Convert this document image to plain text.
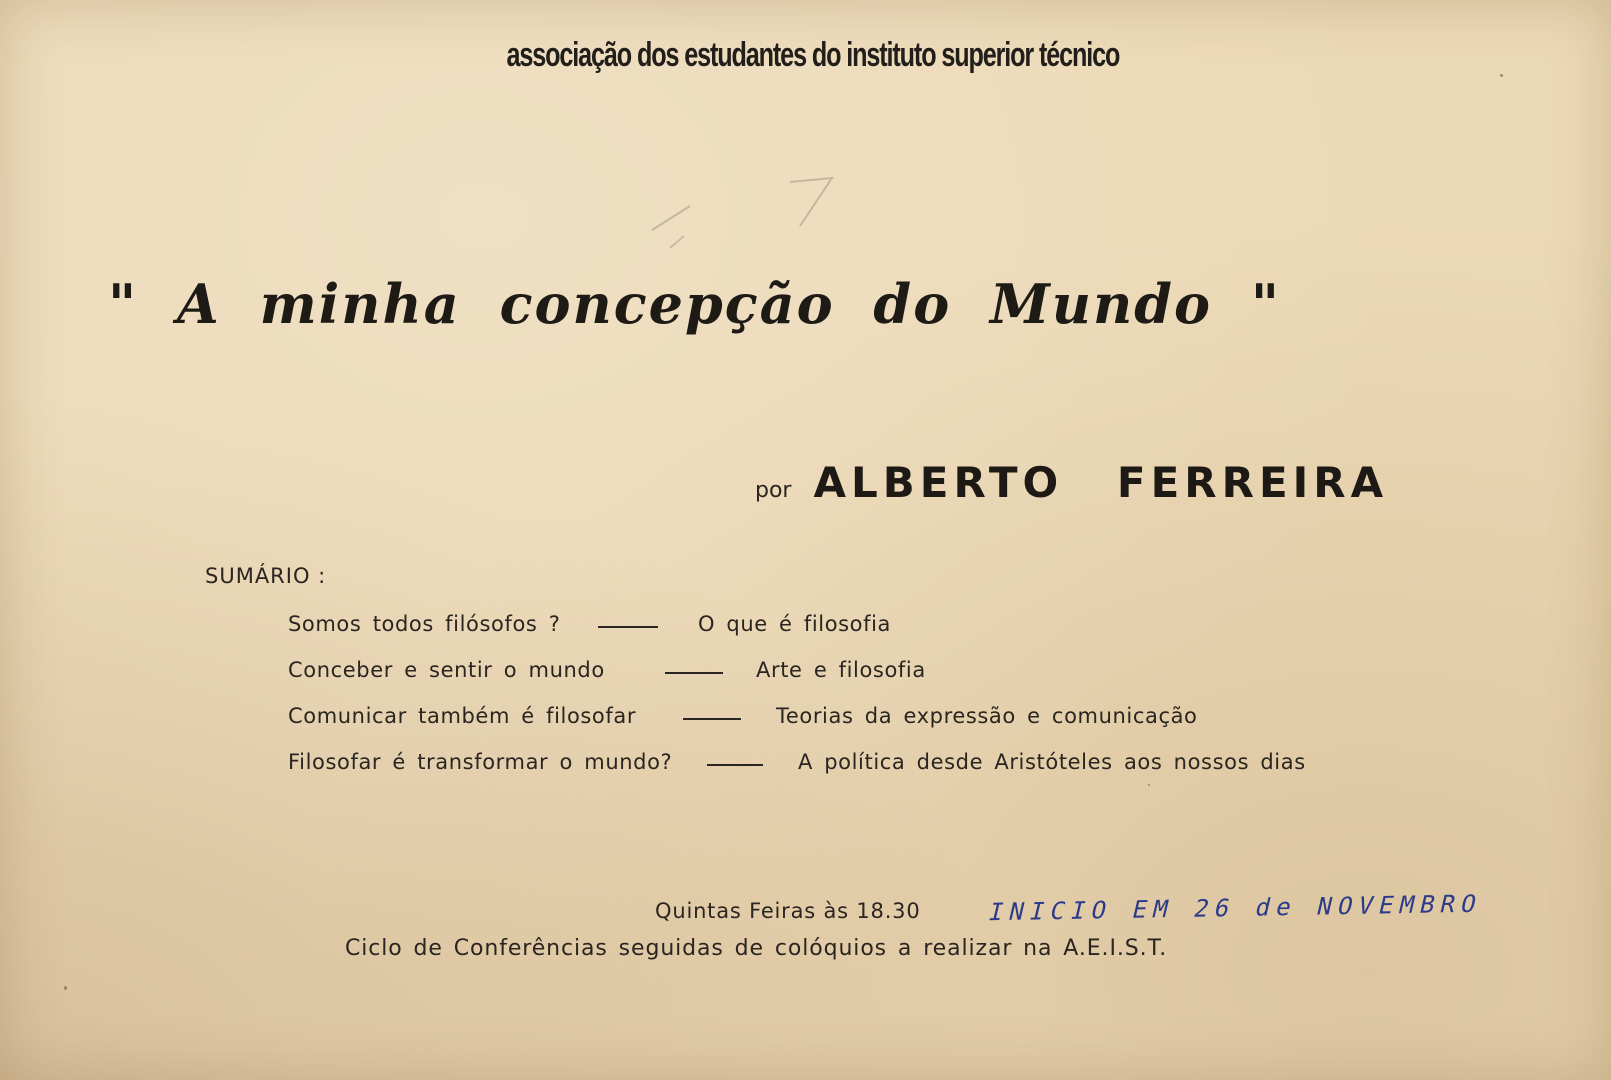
associação dos estudantes do instituto superior técnico
" A minha concepção do Mundo "
por ALBERTO FERREIRA
SUMÁRIO :
Somos todos filósofos ?	O que é filosofia
Conceber e sentir o mundo	Arte e filosofia
Comunicar também é filosofar	Teorias da expressão e comunicação
Filosofar é transformar o mundo?	A política desde Aristóteles aos nossos dias
Quintas Feiras às 18.30	INICIO EM 26 de NOVEMBRO
Ciclo de Conferências seguidas de colóquios a realizar na A.E.I.S.T.
